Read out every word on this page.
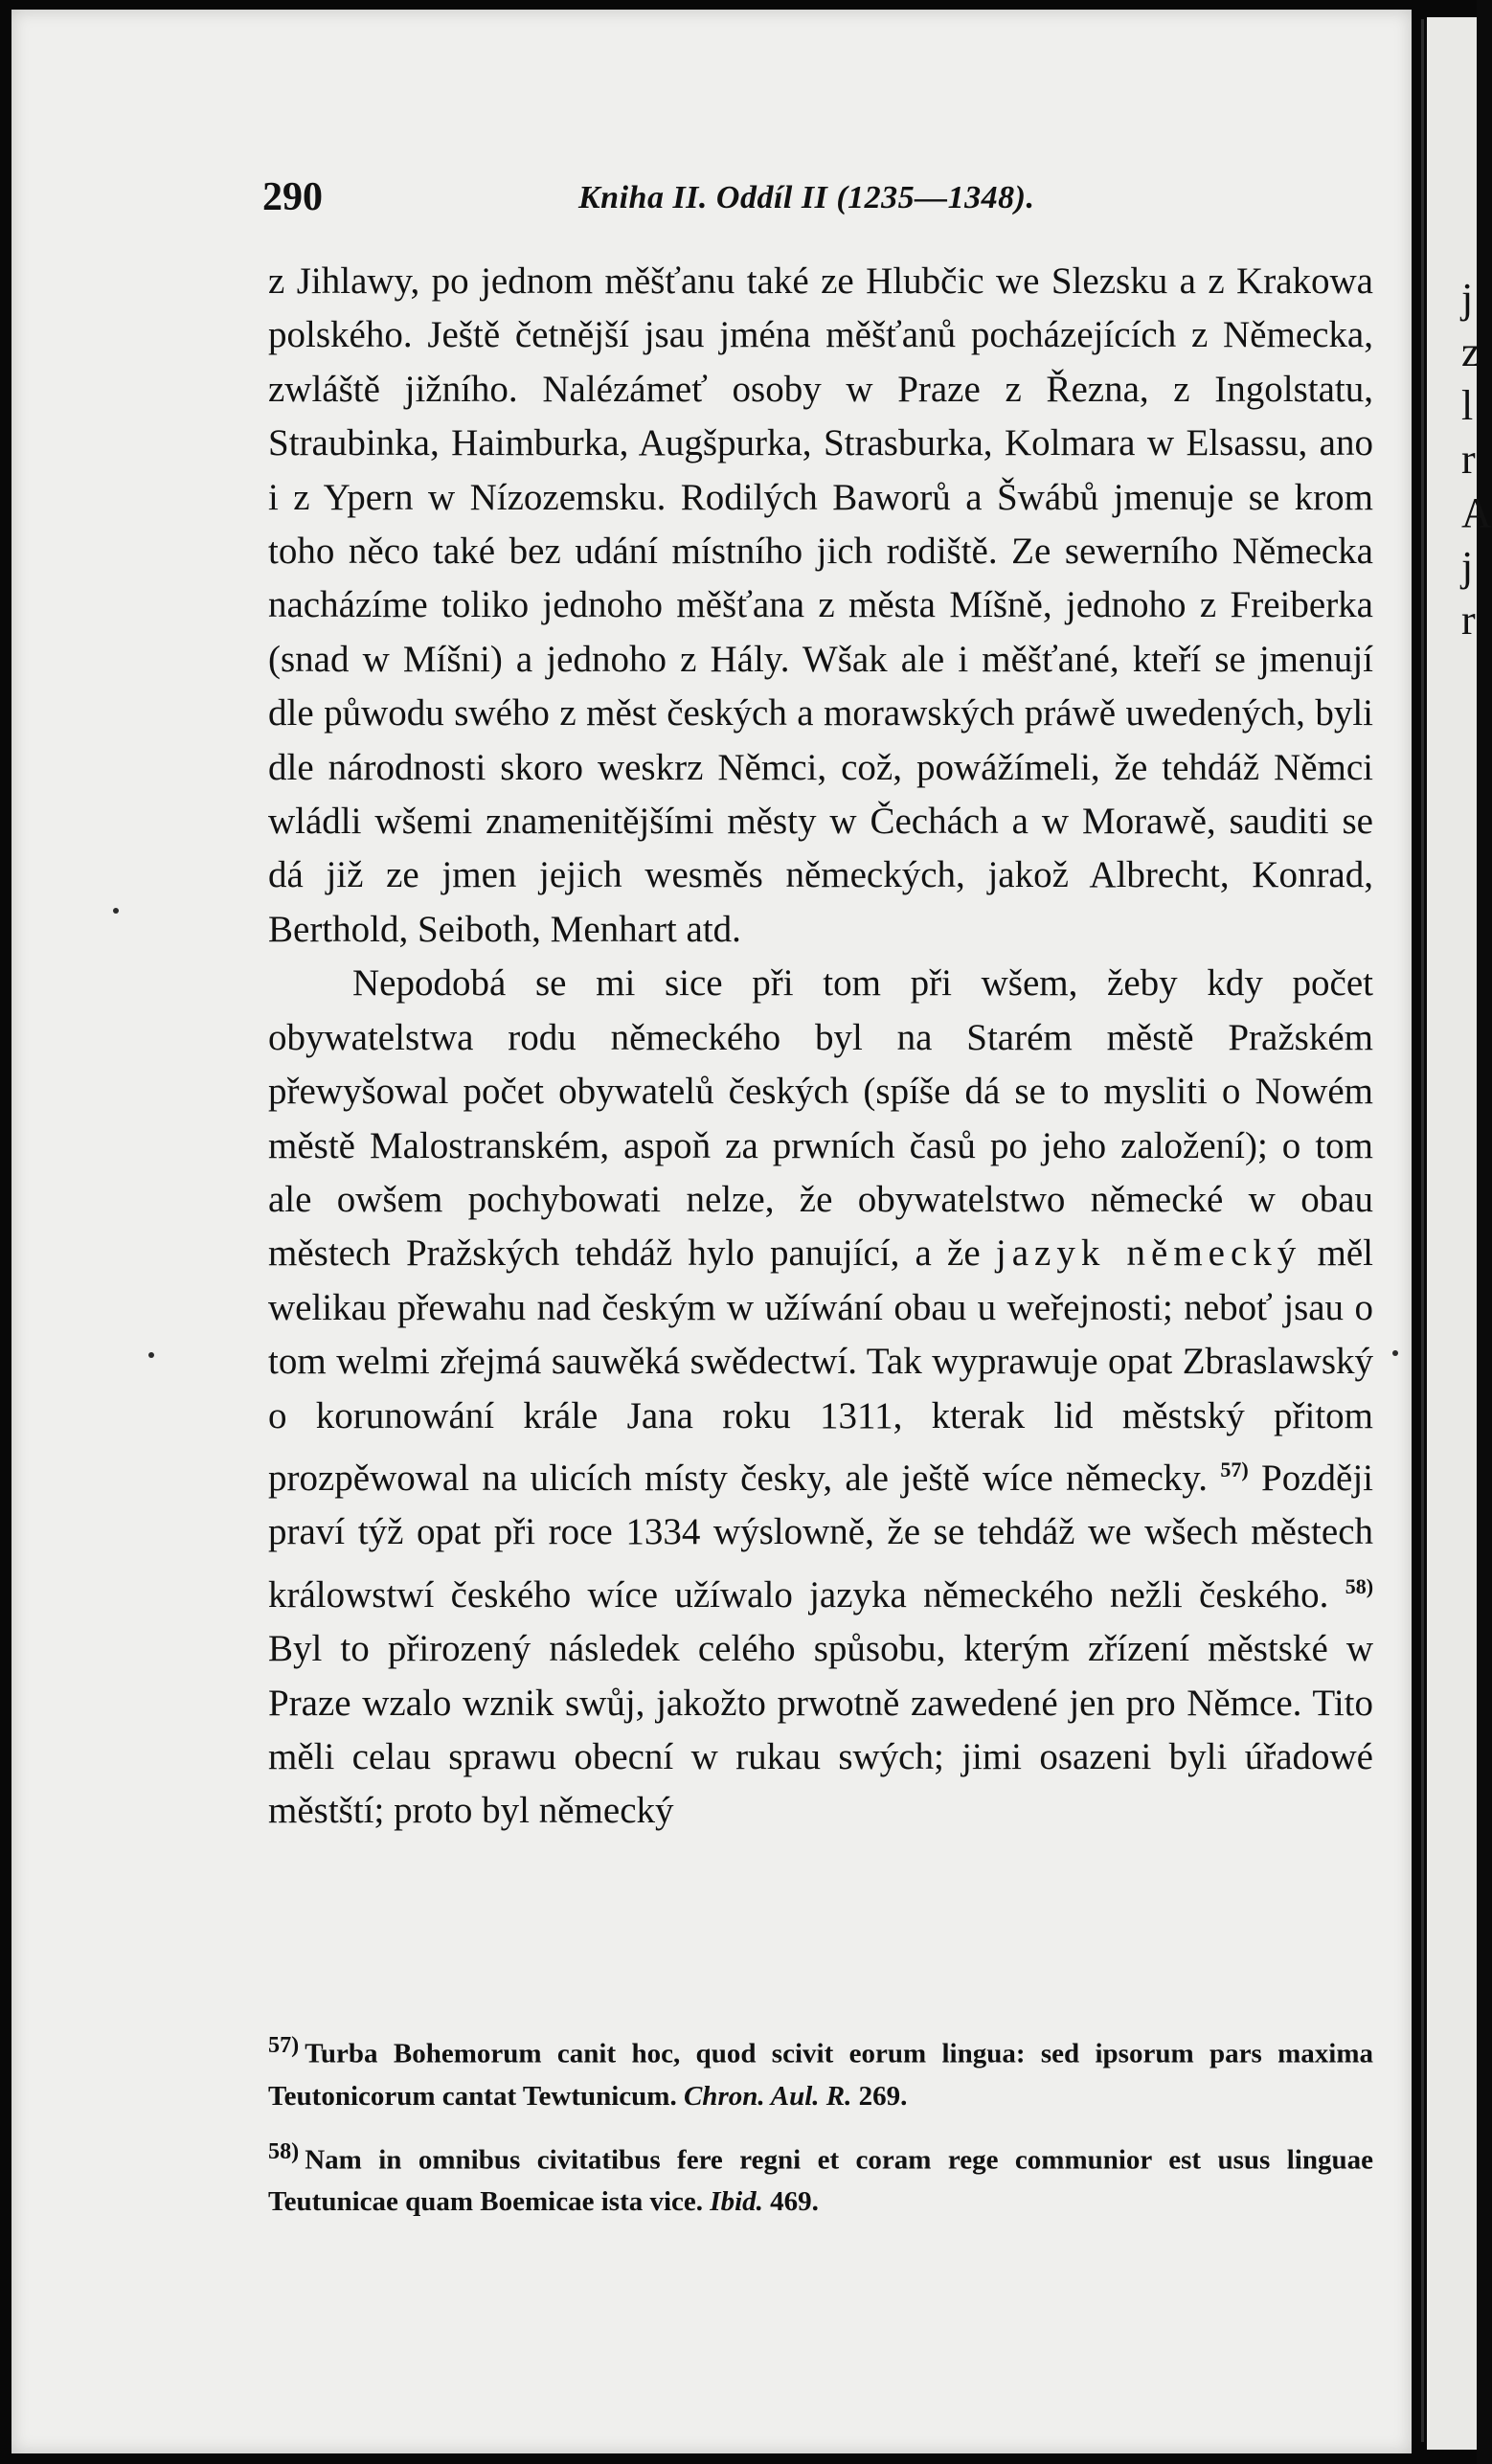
j
z
l
r
A
j
r
290	Kniha II. Oddíl II (1235—1348).

z Jihlawy, po jednom měšťanu také ze Hlubčic we Slezsku a z Krakowa polského. Ještě četnější jsau jména měšťanů pocházejících z Německa, zwláště jižního. Nalézámeť osoby w Praze z Řezna, z Ingolstatu, Straubinka, Haimburka, Augšpurka, Strasburka, Kolmara w Elsassu, ano i z Ypern w Nízozemsku. Rodilých Baworů a Šwábů jmenuje se krom toho něco také bez udání místního jich rodiště. Ze sewerního Německa nacházíme toliko jednoho měšťana z města Míšně, jednoho z Freiberka (snad w Míšni) a jednoho z Hály. Wšak ale i měšťané, kteří se jmenují dle půwodu swého z měst českých a morawských práwě uwedených, byli dle národnosti skoro weskrz Němci, což, powážímeli, že tehdáž Němci wládli wšemi znamenitějšími městy w Čechách a w Morawě, sauditi se dá již ze jmen jejich wesměs německých, jakož Albrecht, Konrad, Berthold, Seiboth, Menhart atd.

Nepodobá se mi sice při tom při wšem, žeby kdy počet obywatelstwa rodu německého byl na Starém městě Pražském přewyšowal počet obywatelů českých (spíše dá se to mysliti o Nowém městě Malostranském, aspoň za prwních časů po jeho založení); o tom ale owšem pochybowati nelze, že obywatelstwo německé w obau městech Pražských tehdáž hylo panující, a že jazyk německý měl welikau přewahu nad českým w užíwání obau u weřejnosti; neboť jsau o tom welmi zřejmá sauwěká swědectwí. Tak wyprawuje opat Zbraslawský o korunowání krále Jana roku 1311, kterak lid městský přitom prozpěwowal na ulicích místy česky, ale ještě wíce německy. $^{57)}$ Později praví týž opat při roce 1334 wýslowně, že se tehdáž we wšech městech králowstwí českého wíce užíwalo jazyka německého nežli českého. $^{58)}$ Byl to přirozený následek celého spůsobu, kterým zřízení městské w Praze wzalo wznik swůj, jakožto prwotně zawedené jen pro Němce. Tito měli celau sprawu obecní w rukau swých; jimi osazeni byli úřadowé městští; proto byl německý

$^{57)}$ Turba Bohemorum canit hoc, quod scivit eorum lingua: sed ipsorum pars maxima Teutonicorum cantat Tewtunicum. Chron. Aul. R. 269.
$^{58)}$ Nam in omnibus civitatibus fere regni et coram rege communior est usus linguae Teutunicae quam Boemicae ista vice. Ibid. 469.
